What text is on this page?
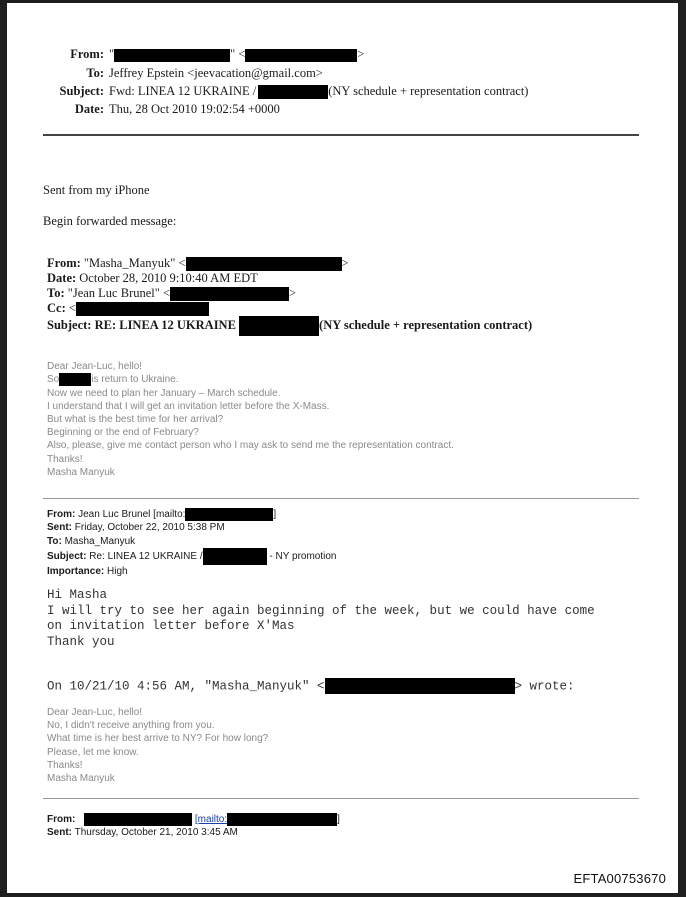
From: "	" <	>
To: Jeffrey Epstein <jeevacation@gmail.com>
Subject: Fwd: LINEA 12 UKRAINE /	(NY schedule + representation contract)
Date: Thu, 28 Oct 2010 19:02:54 +0000
Sent from my iPhone
Begin forwarded message:
From: "Masha_Manyuk" <	>
Date: October 28, 2010 9:10:40 AM EDT
To: "Jean Luc Brunel" <	>
Cc: <
Subject: RE: LINEA 12 UKRAINE	(NY schedule + representation contract)
Dear Jean-Luc, hello!
So	is return to Ukraine.
Now we need to plan her January – March schedule.
I understand that I will get an invitation letter before the X-Mass.
But what is the best time for her arrival?
Beginning or the end of February?
Also, please, give me contact person who I may ask to send me the representation contract.
Thanks!
Masha Manyuk
From: Jean Luc Brunel [mailto:	]
Sent: Friday, October 22, 2010 5:38 PM
To: Masha_Manyuk
Subject: Re: LINEA 12 UKRAINE /	- NY promotion
Importance: High
Hi Masha
I will try to see her again beginning of the week, but we could have come
on invitation letter before X'Mas
Thank you
On 10/21/10 4:56 AM, "Masha_Manyuk" <	> wrote:
Dear Jean-Luc, hello!
No, I didn't receive anything from you.
What time is her best arrive to NY? For how long?
Please, let me know.
Thanks!
Masha Manyuk
From:	[mailto:	]
Sent: Thursday, October 21, 2010 3:45 AM
EFTA00753670
